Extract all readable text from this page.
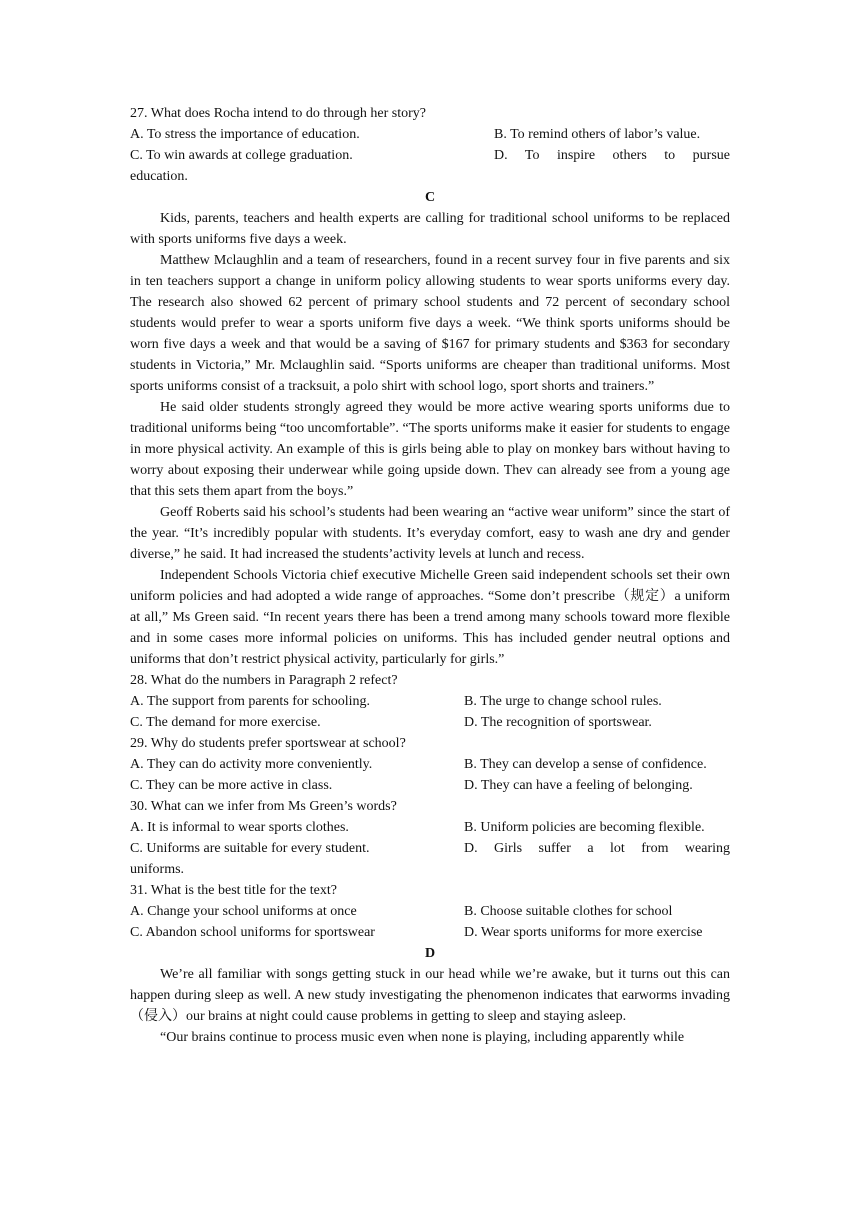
27. What does Rocha intend to do through her story?

A. To stress the importance of education.	B. To remind others of labor’s value.
C. To win awards at college graduation.	D. To inspire others to pursue

education.

C

Kids, parents, teachers and health experts are calling for traditional school uniforms to be replaced with sports uniforms five days a week.

Matthew Mclaughlin and a team of researchers, found in a recent survey four in five parents and six in ten teachers support a change in uniform policy allowing students to wear sports uniforms every day. The research also showed 62 percent of primary school students and 72 percent of secondary school students would prefer to wear a sports uniform five days a week. “We think sports uniforms should be worn five days a week and that would be a saving of $167 for primary students and $363 for secondary students in Victoria,” Mr. Mclaughlin said. “Sports uniforms are cheaper than traditional uniforms. Most sports uniforms consist of a tracksuit, a polo shirt with school logo, sport shorts and trainers.”

He said older students strongly agreed they would be more active wearing sports uniforms due to traditional uniforms being “too uncomfortable”. “The sports uniforms make it easier for students to engage in more physical activity. An example of this is girls being able to play on monkey bars without having to worry about exposing their underwear while going upside down. Thev can already see from a young age that this sets them apart from the boys.”

Geoff Roberts said his school’s students had been wearing an “active wear uniform” since the start of the year. “It’s incredibly popular with students. It’s everyday comfort, easy to wash ane dry and gender diverse,” he said. It had increased the students’activity levels at lunch and recess.

Independent Schools Victoria chief executive Michelle Green said independent schools set their own uniform policies and had adopted a wide range of approaches. “Some don’t prescribe（规定）a uniform at all,” Ms Green said. “In recent years there has been a trend among many schools toward more flexible and in some cases more informal policies on uniforms. This has included gender neutral options and uniforms that don’t restrict physical activity, particularly for girls.”

28. What do the numbers in Paragraph 2 refect?

A. The support from parents for schooling.	B. The urge to change school rules.
C. The demand for more exercise.	D. The recognition of sportswear.

29. Why do students prefer sportswear at school?

A. They can do activity more conveniently.	B. They can develop a sense of confidence.
C. They can be more active in class.	D. They can have a feeling of belonging.

30. What can we infer from Ms Green’s words?

A. It is informal to wear sports clothes.	B. Uniform policies are becoming flexible.
C. Uniforms are suitable for every student.	D. Girls suffer a lot from wearing

uniforms.

31. What is the best title for the text?

A. Change your school uniforms at once	B. Choose suitable clothes for school
C. Abandon school uniforms for sportswear	D. Wear sports uniforms for more exercise

D

We’re all familiar with songs getting stuck in our head while we’re awake, but it turns out this can happen during sleep as well. A new study investigating the phenomenon indicates that earworms invading（侵入）our brains at night could cause problems in getting to sleep and staying asleep.

“Our brains continue to process music even when none is playing, including apparently while
